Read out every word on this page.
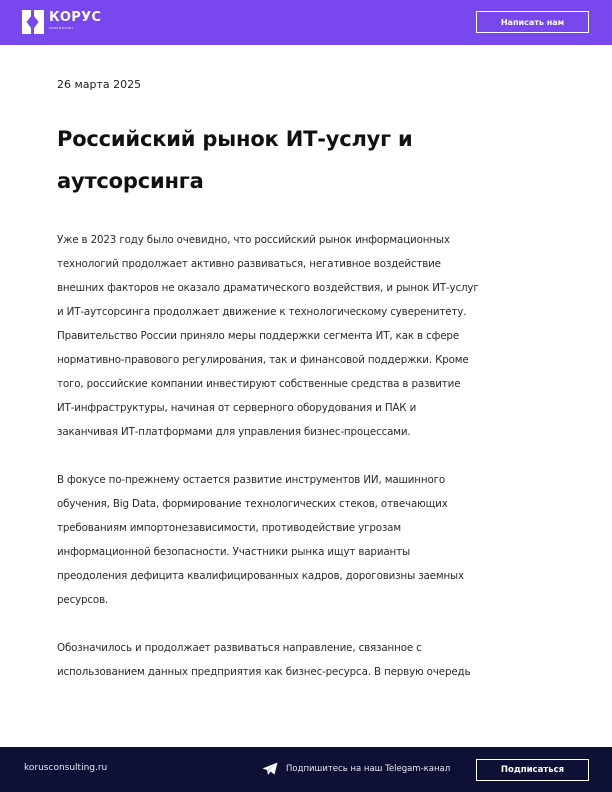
КОРУС
консалтинг
Написать нам
26 марта 2025
Российский рынок ИТ-услуг и
аутсорсинга

Уже в 2023 году было очевидно, что российский рынок информационных
технологий продолжает активно развиваться, негативное воздействие
внешних факторов не оказало драматического воздействия, и рынок ИТ-услуг
и ИТ-аутсорсинга продолжает движение к технологическому суверенитету.
Правительство России приняло меры поддержки сегмента ИТ, как в сфере
нормативно-правового регулирования, так и финансовой поддержки. Кроме
того, российские компании инвестируют собственные средства в развитие
ИТ-инфраструктуры, начиная от серверного оборудования и ПАК и
заканчивая ИТ-платформами для управления бизнес-процессами.

В фокусе по-прежнему остается развитие инструментов ИИ, машинного
обучения, Big Data, формирование технологических стеков, отвечающих
требованиям импортонезависимости, противодействие угрозам
информационной безопасности. Участники рынка ищут варианты
преодоления дефицита квалифицированных кадров, дороговизны заемных
ресурсов.

Обозначилось и продолжает развиваться направление, связанное с
использованием данных предприятия как бизнес-ресурса. В первую очередь

korusconsulting.ru	Подпишитесь на наш Telegam-канал	Подписаться
